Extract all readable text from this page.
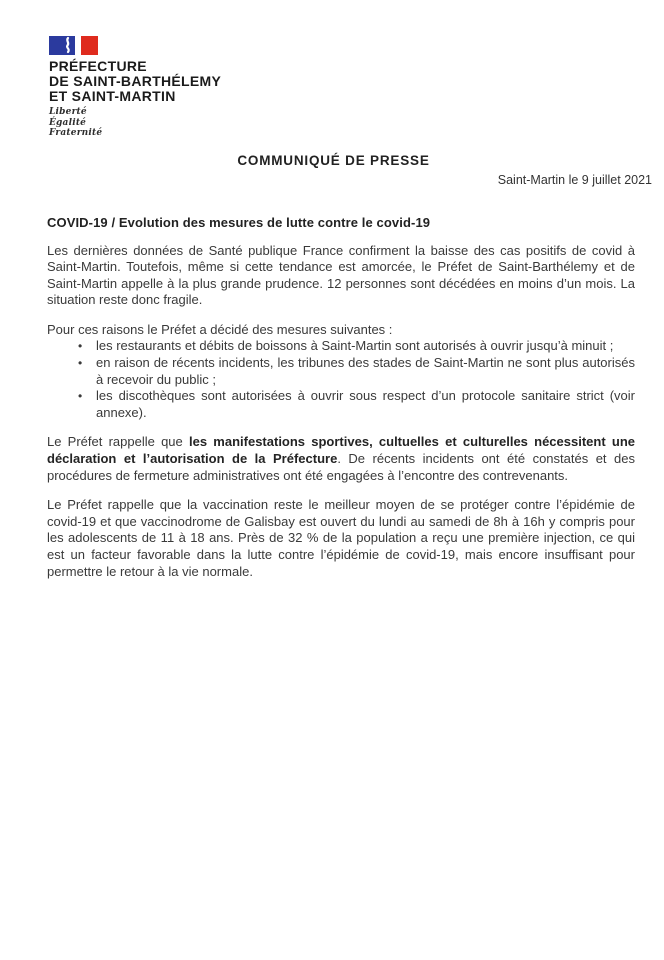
PRÉFECTURE
DE SAINT-BARTHÉLEMY
ET SAINT-MARTIN
Liberté
Égalité
Fraternité
COMMUNIQUÉ DE PRESSE
Saint-Martin le 9 juillet 2021
COVID-19 / Evolution des mesures de lutte contre le covid-19

Les dernières données de Santé publique France confirment la baisse des cas positifs de covid à Saint-Martin. Toutefois, même si cette tendance est amorcée, le Préfet de Saint-Barthélemy et de Saint-Martin appelle à la plus grande prudence. 12 personnes sont décédées en moins d’un mois. La situation reste donc fragile.

Pour ces raisons le Préfet a décidé des mesures suivantes :

• les restaurants et débits de boissons à Saint-Martin sont autorisés à ouvrir jusqu’à minuit ;
• en raison de récents incidents, les tribunes des stades de Saint-Martin ne sont plus autorisés à recevoir du public ;
• les discothèques sont autorisées à ouvrir sous respect d’un protocole sanitaire strict (voir annexe).

Le Préfet rappelle que les manifestations sportives, cultuelles et culturelles nécessitent une déclaration et l’autorisation de la Préfecture. De récents incidents ont été constatés et des procédures de fermeture administratives ont été engagées à l’encontre des contrevenants.

Le Préfet rappelle que la vaccination reste le meilleur moyen de se protéger contre l’épidémie de covid-19 et que vaccinodrome de Galisbay est ouvert du lundi au samedi de 8h à 16h y compris pour les adolescents de 11 à 18 ans. Près de 32 % de la population a reçu une première injection, ce qui est un facteur favorable dans la lutte contre l’épidémie de covid-19, mais encore insuffisant pour permettre le retour à la vie normale.
